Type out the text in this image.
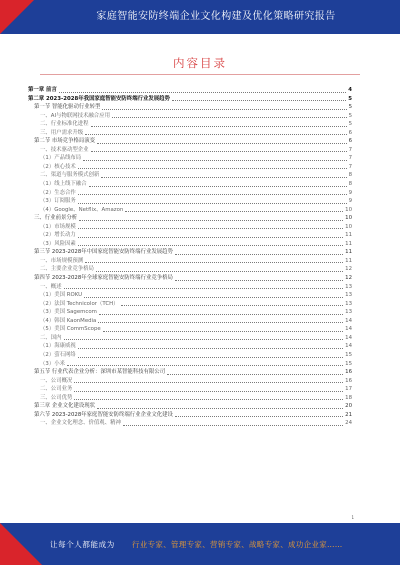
家庭智能安防终端企业文化构建及优化策略研究报告
内容目录
第一章 前言	4
第二章 2023-2028年我国家庭智能安防终端行业发展趋势	5
第一节 智能化驱动行业转型	5
一、AI与物联网技术融合应用	5
二、行业标准化进程	5
三、用户需求升级	6
第二节 市场竞争格局演变	6
一、技术驱动型企业	7
（1）产品线布局	7
（2）核心技术	7
二、渠道与服务模式创新	8
（1）线上线下融合	8
（2）生态合作	9
（3）订阅服务	9
（4）Google、Netflix、Amazon	10
三、行业前景分析	10
（1）市场规模	10
（2）增长动力	11
（3）风险因素	11
第三节 2023-2028年中国家庭智能安防终端行业发展趋势	11
一、市场规模预测	11
二、主要企业竞争格局	12
第四节 2023-2028年全球家庭智能安防终端行业竞争格局	12
一、概述	13
（1）美国 ROKU	13
（2）法国 Technicolor（TCH）	13
（3）美国 Sagemcom	13
（4）韩国 KaonMedia	14
（5）美国 CommScope	14
二、国内	14
（1）海康威视	14
（2）萤石网络	15
（3）小米	15
第五节 行业代表企业分析：深圳市某智能科技有限公司	16
一、公司概况	16
二、公司业务	17
三、公司优势	18
第三章 企业文化建设现状	20
第六节 2023-2028年家庭智能安防终端行业企业文化建设	21
一、企业文化理念、价值观、精神	24
1
让每个人都能成为 行业专家、管理专家、营销专家、战略专家、成功企业家……
